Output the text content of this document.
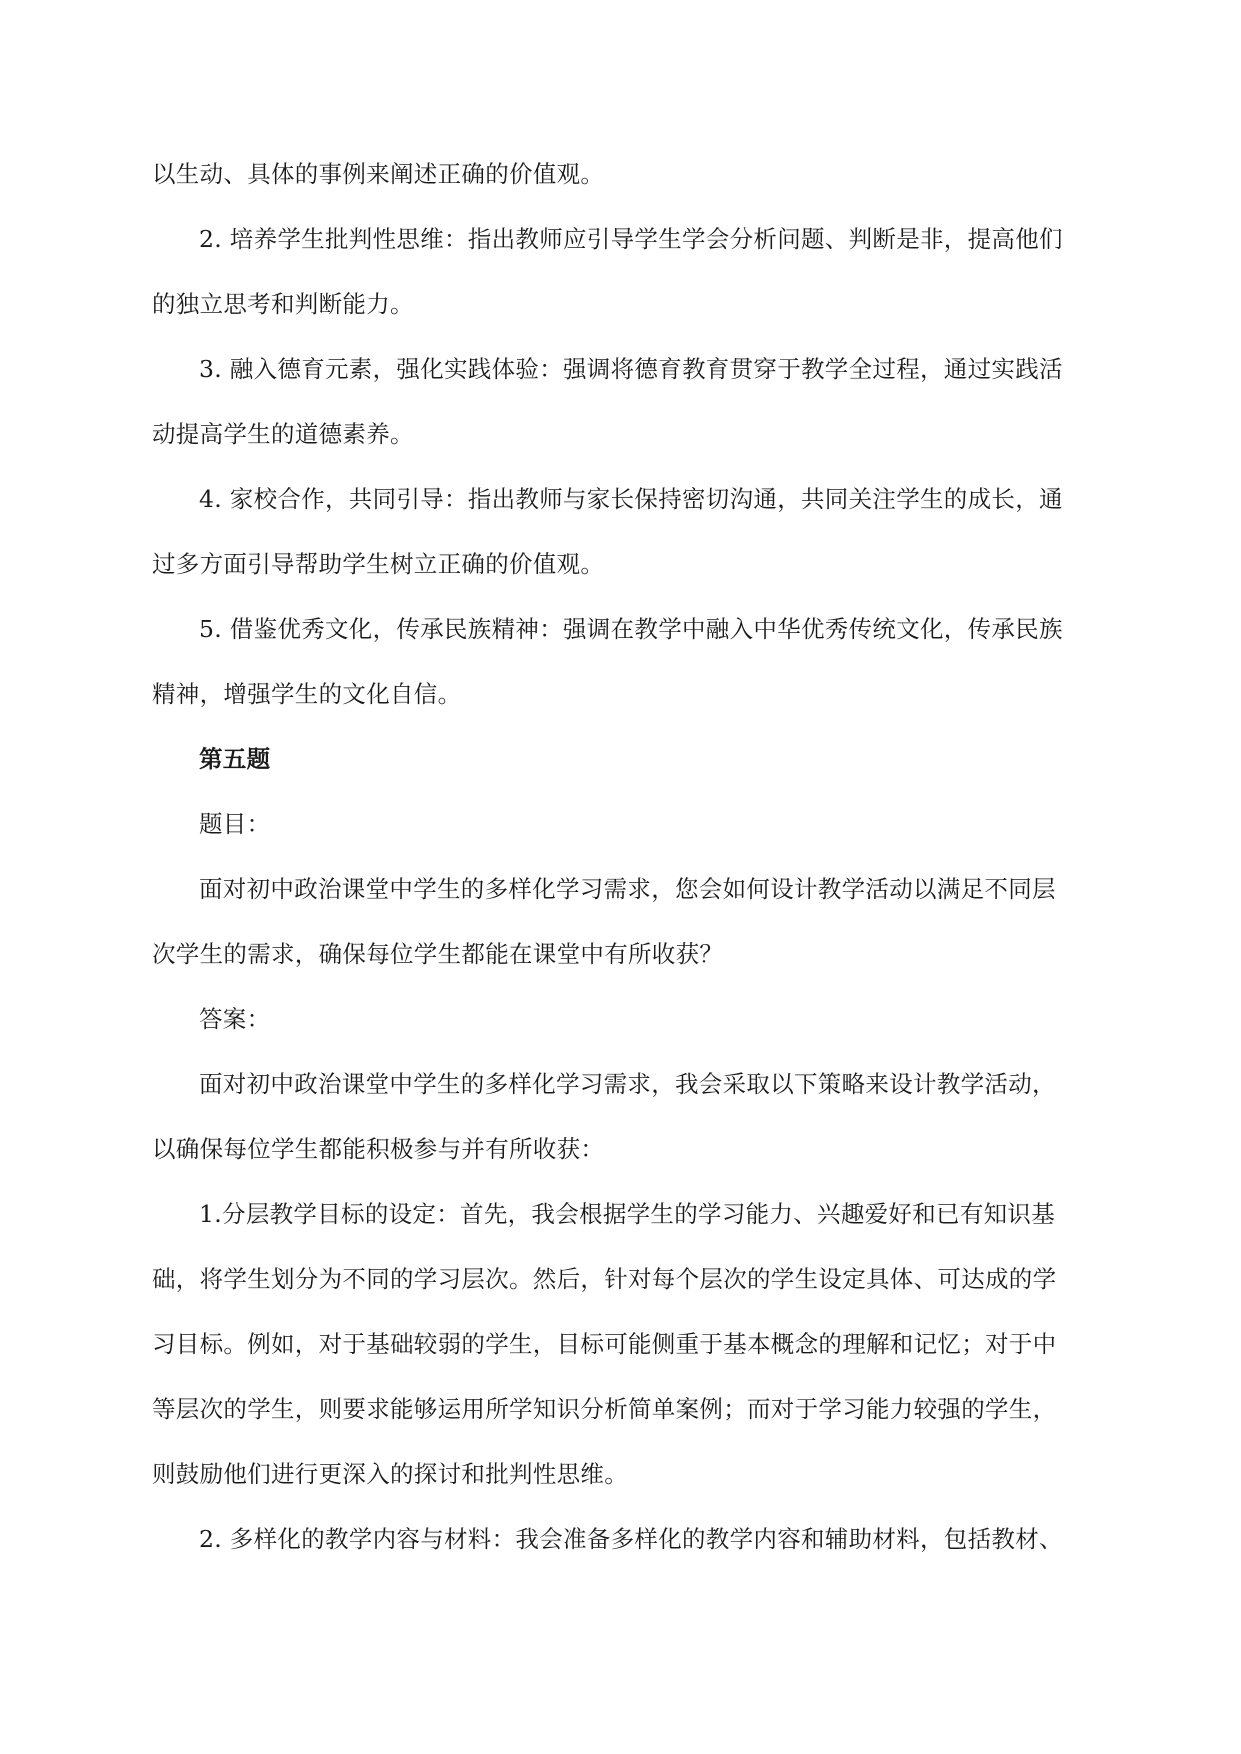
以生动、具体的事例来阐述正确的价值观。
2. 培养学生批判性思维：指出教师应引导学生学会分析问题、判断是非，提高他们
的独立思考和判断能力。
3. 融入德育元素，强化实践体验：强调将德育教育贯穿于教学全过程，通过实践活
动提高学生的道德素养。
4. 家校合作，共同引导：指出教师与家长保持密切沟通，共同关注学生的成长，通
过多方面引导帮助学生树立正确的价值观。
5. 借鉴优秀文化，传承民族精神：强调在教学中融入中华优秀传统文化，传承民族
精神，增强学生的文化自信。
第五题
题目：
面对初中政治课堂中学生的多样化学习需求，您会如何设计教学活动以满足不同层
次学生的需求，确保每位学生都能在课堂中有所收获？
答案：
面对初中政治课堂中学生的多样化学习需求，我会采取以下策略来设计教学活动，
以确保每位学生都能积极参与并有所收获：
1.分层教学目标的设定：首先，我会根据学生的学习能力、兴趣爱好和已有知识基
础，将学生划分为不同的学习层次。然后，针对每个层次的学生设定具体、可达成的学
习目标。例如，对于基础较弱的学生，目标可能侧重于基本概念的理解和记忆；对于中
等层次的学生，则要求能够运用所学知识分析简单案例；而对于学习能力较强的学生，
则鼓励他们进行更深入的探讨和批判性思维。
2. 多样化的教学内容与材料：我会准备多样化的教学内容和辅助材料，包括教材、
